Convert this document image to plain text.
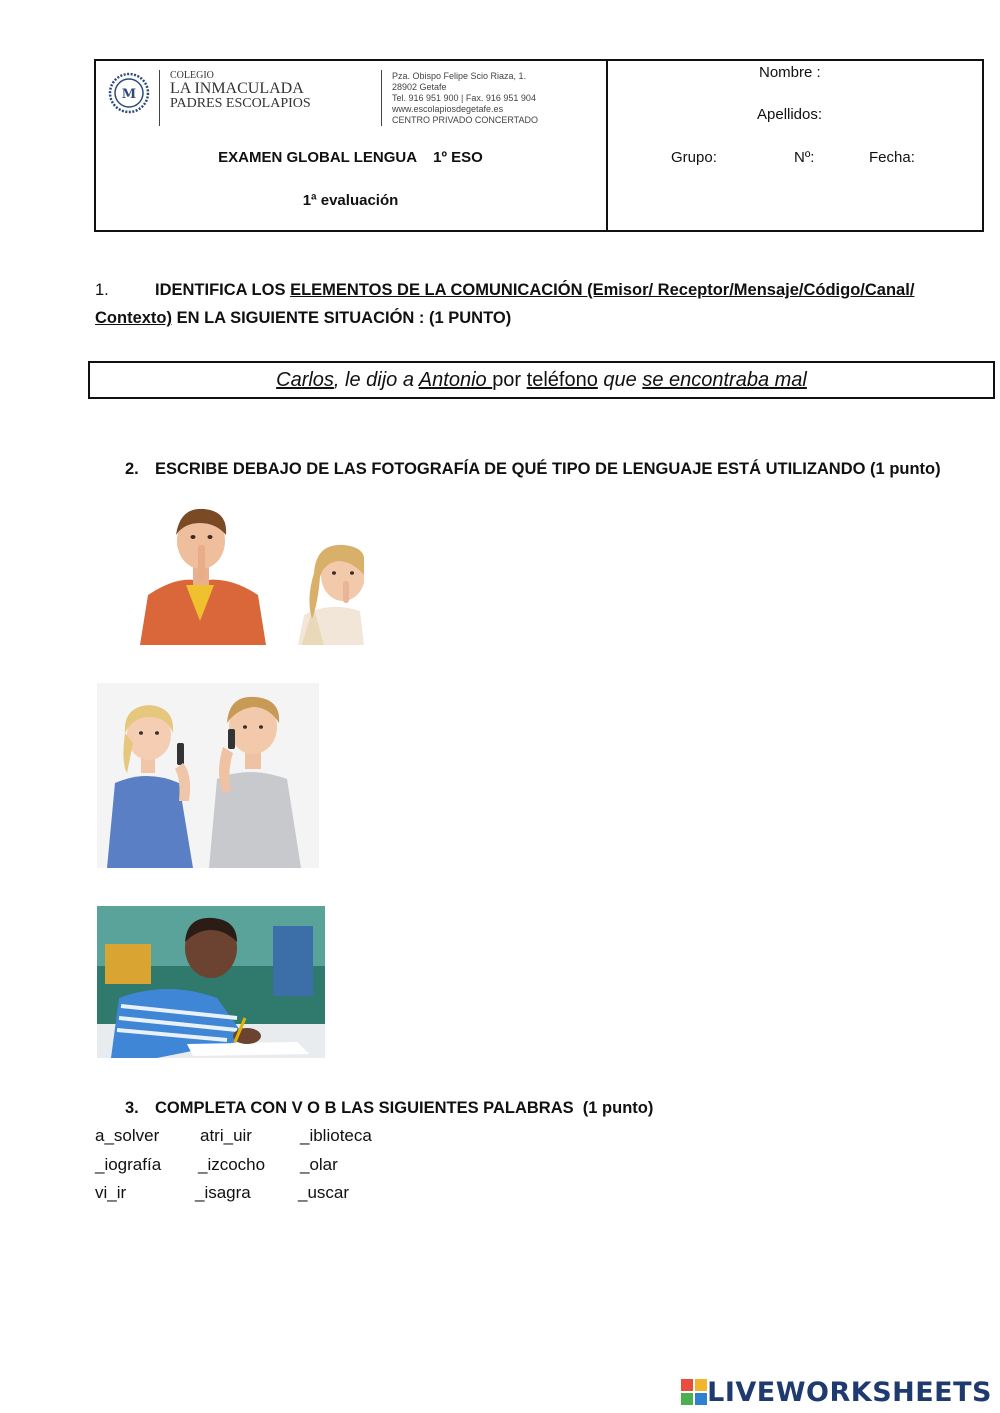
M
COLEGIO
LA INMACULADA
PADRES ESCOLAPIOS
Pza. Obispo Felipe Scio Riaza, 1. 28902 Getafe
Tel. 916 951 900 | Fax. 916 951 904
www.escolapiosdegetafe.es
CENTRO PRIVADO CONCERTADO
EXAMEN GLOBAL LENGUA    1º ESO
1ª evaluación
Nombre :
Apellidos:
Grupo:	Nº:	Fecha:
1.	IDENTIFICA LOS ELEMENTOS DE LA COMUNICACIÓN (Emisor/ Receptor/Mensaje/Código/Canal/
Contexto) EN LA SIGUIENTE SITUACIÓN : (1 PUNTO)
Carlos, le dijo a Antonio por teléfono que se encontraba mal
2. ESCRIBE DEBAJO DE LAS FOTOGRAFÍA DE QUÉ TIPO DE LENGUAJE ESTÁ UTILIZANDO (1 punto)
3. COMPLETA CON V O B LAS SIGUIENTES PALABRAS  (1 punto)
a_solver atri_uir	_iblioteca
_iografía _izcocho _olar
vi_ir	_isagra	_uscar
LIVEWORKSHEETS
